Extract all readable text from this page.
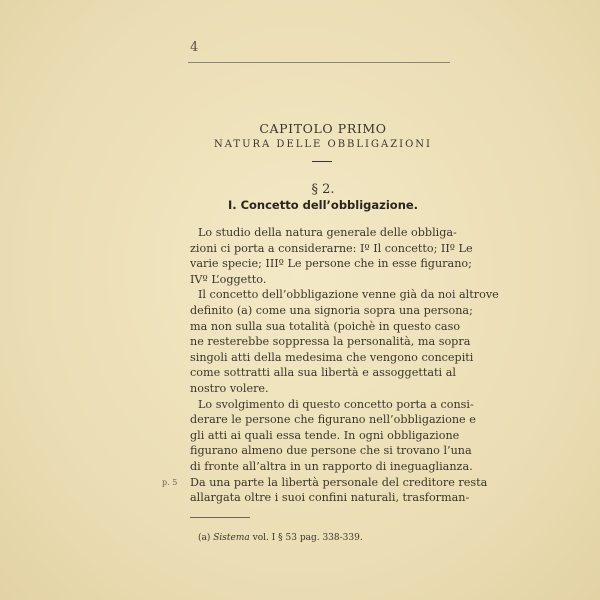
4
CAPITOLO PRIMO
NATURA DELLE OBBLIGAZIONI
§ 2.
I. Concetto dell’obbligazione.
Lo studio della natura generale delle obbliga-
zioni ci porta a considerarne: Iº Il concetto; IIº Le
varie specie; IIIº Le persone che in esse figurano;
IVº L’oggetto.
Il concetto dell’obbligazione venne già da noi altrove
definito (a) come una signoria sopra una persona;
ma non sulla sua totalità (poichè in questo caso
ne resterebbe soppressa la personalità, ma sopra
singoli atti della medesima che vengono concepiti
come sottratti alla sua libertà e assoggettati al
nostro volere.
Lo svolgimento di questo concetto porta a consi-
derare le persone che figurano nell’obbligazione e
gli atti ai quali essa tende. In ogni obbligazione
figurano almeno due persone che si trovano l’una
di fronte all’altra in un rapporto di ineguaglianza.
p. 5
(a) Sistema vol. I § 53 pag. 338-339.
Da una parte la libertà personale del creditore resta
allargata oltre i suoi confini naturali, trasforman-
